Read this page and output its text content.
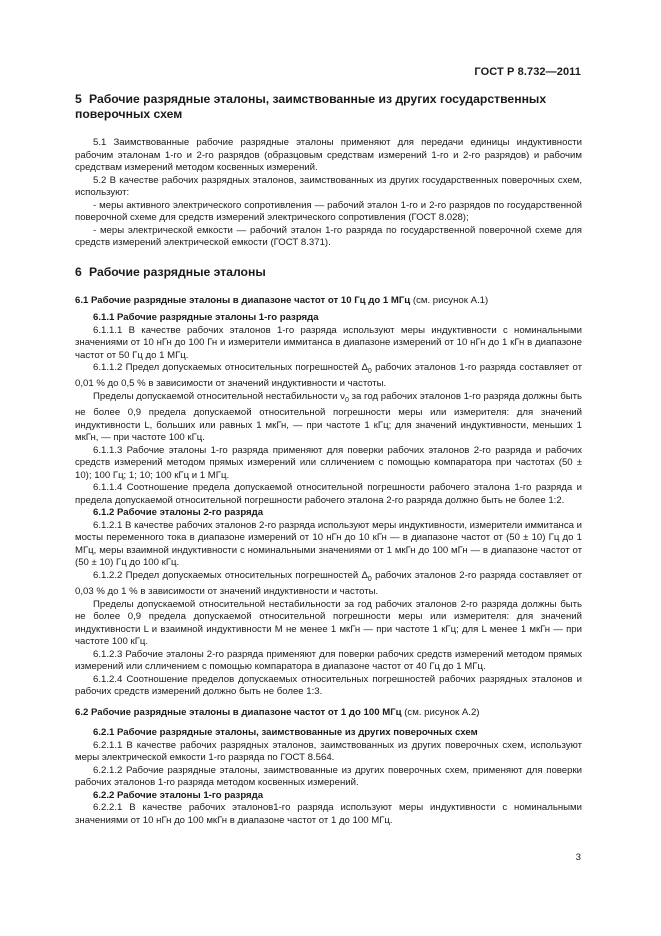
ГОСТ Р 8.732—2011
5 Рабочие разрядные эталоны, заимствованные из других государственных поверочных схем

5.1 Заимствованные рабочие разрядные эталоны применяют для передачи единицы индуктивности рабочим эталонам 1-го и 2-го разрядов (образцовым средствам измерений 1-го и 2-го разрядов) и рабочим средствам измерений методом косвенных измерений.

5.2 В качестве рабочих разрядных эталонов, заимствованных из других государственных поверочных схем, используют:

- меры активного электрического сопротивления — рабочий эталон 1-го и 2-го разрядов по государственной поверочной схеме для средств измерений электрического сопротивления (ГОСТ 8.028);

- меры электрической емкости — рабочий эталон 1-го разряда по государственной поверочной схеме для средств измерений электрической емкости (ГОСТ 8.371).

6 Рабочие разрядные эталоны

6.1 Рабочие разрядные эталоны в диапазоне частот от 10 Гц до 1 МГц (см. рисунок А.1)

6.1.1 Рабочие разрядные эталоны 1-го разряда

6.1.1.1 В качестве рабочих эталонов 1-го разряда используют меры индуктивности с номинальными значениями от 10 нГн до 100 Гн и измерители иммитанса в диапазоне измерений от 10 нГн до 1 кГн в диапазоне частот от 50 Гц до 1 МГц.

6.1.1.2 Предел допускаемых относительных погрешностей $\Delta_0$ рабочих эталонов 1-го разряда составляет от 0,01 % до 0,5 % в зависимости от значений индуктивности и частоты.

Пределы допускаемой относительной нестабильности $\nu_0$ за год рабочих эталонов 1-го разряда должны быть не более 0,9 предела допускаемой относительной погрешности меры или измерителя: для значений индуктивности L, больших или равных 1 мкГн, — при частоте 1 кГц; для значений индуктивности, меньших 1 мкГн, — при частоте 100 кГц.

6.1.1.3 Рабочие эталоны 1-го разряда применяют для поверки рабочих эталонов 2-го разряда и рабочих средств измерений методом прямых измерений или слличением с помощью компаратора при частотах (50 ± 10); 100 Гц; 1; 10; 100 кГц и 1 МГц.

6.1.1.4 Соотношение предела допускаемой относительной погрешности рабочего эталона 1-го разряда и предела допускаемой относительной погрешности рабочего эталона 2-го разряда должно быть не более 1:2.

6.1.2 Рабочие эталоны 2-го разряда

6.1.2.1 В качестве рабочих эталонов 2-го разряда используют меры индуктивности, измерители иммитанса и мосты переменного тока в диапазоне измерений от 10 нГн до 10 кГн — в диапазоне частот от (50 ± 10) Гц до 1 МГц, меры взаимной индуктивности с номинальными значениями от 1 мкГн до 100 мГн — в диапазоне частот от (50 ± 10) Гц до 100 кГц.

6.1.2.2 Предел допускаемых относительных погрешностей $\Delta_0$ рабочих эталонов 2-го разряда составляет от 0,03 % до 1 % в зависимости от значений индуктивности и частоты.

Пределы допускаемой относительной нестабильности за год рабочих эталонов 2-го разряда должны быть не более 0,9 предела допускаемой относительной погрешности меры или измерителя: для значений индуктивности L и взаимной индуктивности M не менее 1 мкГн — при частоте 1 кГц; для L менее 1 мкГн — при частоте 100 кГц.

6.1.2.3 Рабочие эталоны 2-го разряда применяют для поверки рабочих средств измерений методом прямых измерений или слличением с помощью компаратора в диапазоне частот от 40 Гц до 1 МГц.

6.1.2.4 Соотношение пределов допускаемых относительных погрешностей рабочих разрядных эталонов и рабочих средств измерений должно быть не более 1:3.

6.2 Рабочие разрядные эталоны в диапазоне частот от 1 до 100 МГц (см. рисунок А.2)

6.2.1 Рабочие разрядные эталоны, заимствованные из других поверочных схем

6.2.1.1 В качестве рабочих разрядных эталонов, заимствованных из других поверочных схем, используют меры электрической емкости 1-го разряда по ГОСТ 8.564.

6.2.1.2 Рабочие разрядные эталоны, заимствованные из других поверочных схем, применяют для поверки рабочих эталонов 1-го разряда методом косвенных измерений.

6.2.2 Рабочие эталоны 1-го разряда

6.2.2.1 В качестве рабочих эталонов1-го разряда используют меры индуктивности с номинальными значениями от 10 нГн до 100 мкГн в диапазоне частот от 1 до 100 МГц.

3
